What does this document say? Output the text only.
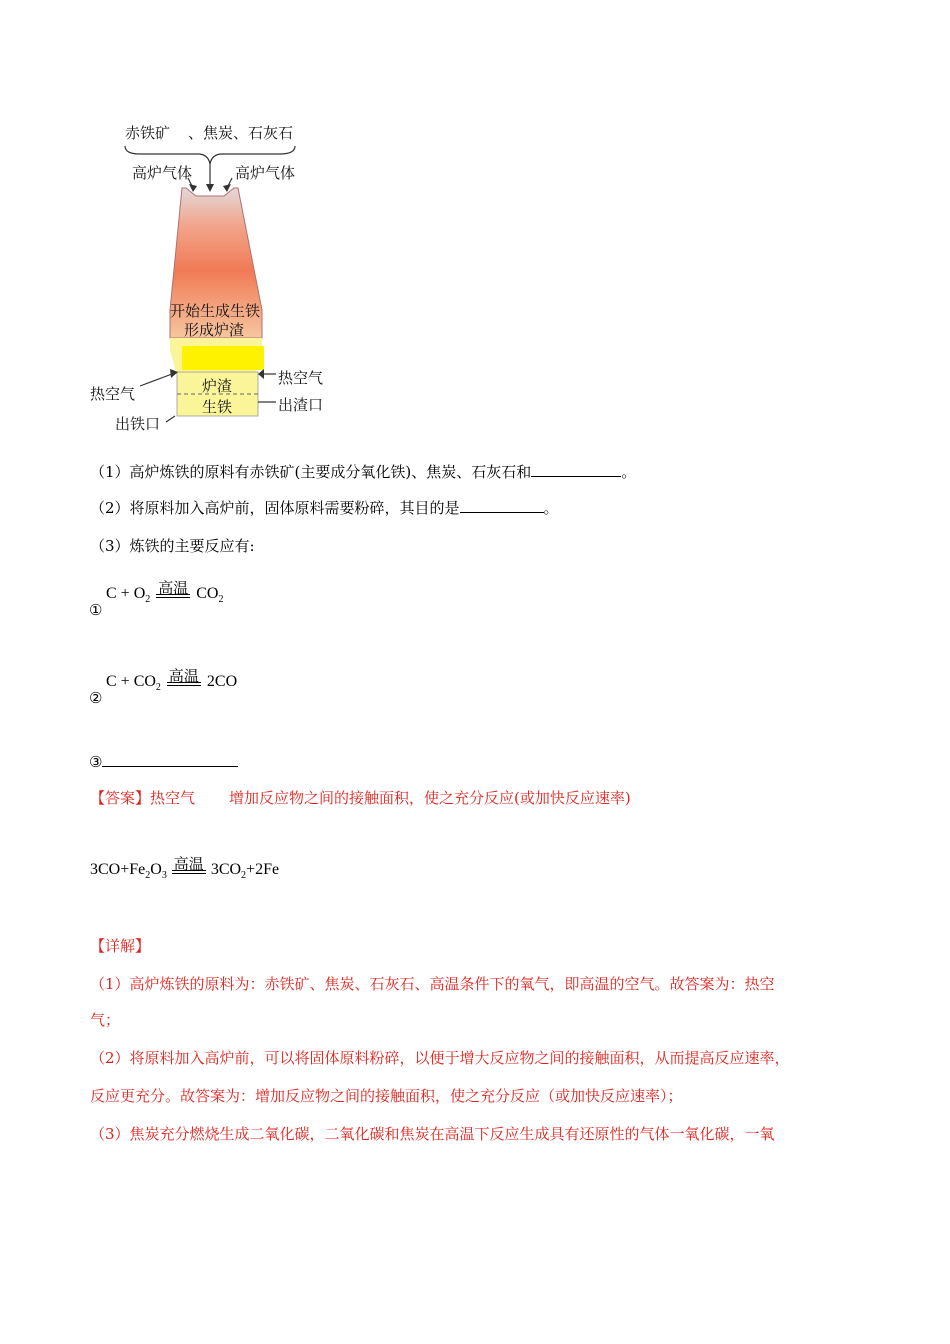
赤铁矿 、焦炭、石灰石
高炉气体	高炉气体
开始生成生铁
形成炉渣
热空气
热空气
炉渣
生铁
出铁口
出渣口
（1）高炉炼铁的原料有赤铁矿(主要成分氧化铁)、焦炭、石灰石和	。
（2）将原料加入高炉前，固体原料需要粉碎，其目的是	。
（3）炼铁的主要反应有:
①
$C + O_2$
高温 $CO_2$
②
$C + CO_2$
高温 2CO
③
【答案】热空气 增加反应物之间的接触面积，使之充分反应(或加快反应速率)
$3CO+Fe_2O_3$
高温 $3CO_2+2Fe$
【详解】
（1）高炉炼铁的原料为：赤铁矿、焦炭、石灰石、高温条件下的氧气，即高温的空气。故答案为：热空
气；
（2）将原料加入高炉前，可以将固体原料粉碎，以便于增大反应物之间的接触面积，从而提高反应速率，
反应更充分。故答案为：增加反应物之间的接触面积，使之充分反应（或加快反应速率）；
（3）焦炭充分燃烧生成二氧化碳，二氧化碳和焦炭在高温下反应生成具有还原性的气体一氧化碳，一氧
